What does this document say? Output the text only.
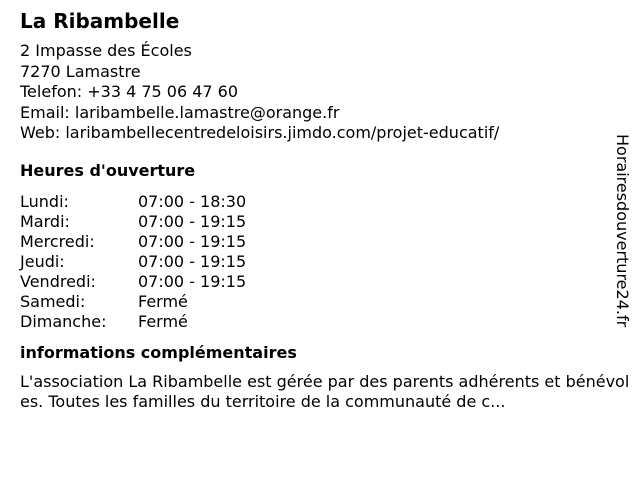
La Ribambelle
2 Impasse des Écoles
7270 Lamastre
Telefon: +33 4 75 06 47 60
Email: laribambelle.lamastre@orange.fr
Web: laribambellecentredeloisirs.jimdo.com/projet-educatif/
Heures d'ouverture
Lundi:	07:00 - 18:30
Mardi:	07:00 - 19:15
Mercredi:	07:00 - 19:15
Jeudi:	07:00 - 19:15
Vendredi:	07:00 - 19:15
Samedi:	Fermé
Dimanche:	Fermé
informations complémentaires

L'association La Ribambelle est gérée par des parents adhérents et bénévoles. Toutes les familles du territoire de la communauté de c...

Horairesdouverture24.fr
